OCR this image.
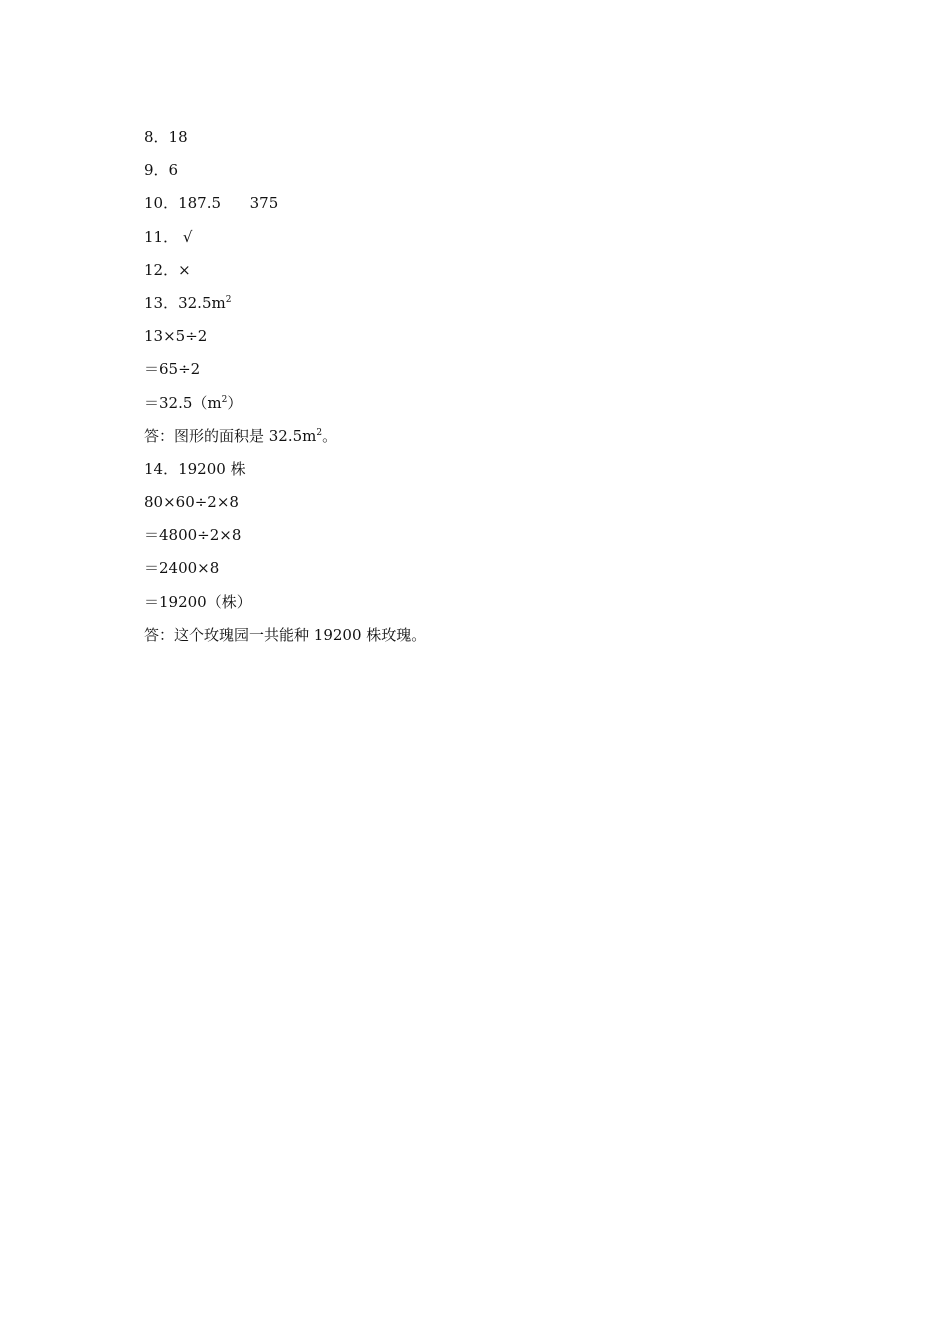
8．18
9．6
10．187.5      375
11． √
12．×
13．$32.5m^2$
13×5÷2
＝65÷2
$=32.5(m^2)$
答：图形的面积是 $32.5m^2$。
14．19200 株
80×60÷2×8
＝4800÷2×8
＝2400×8
＝19200（株）
答：这个玫瑰园一共能种 19200 株玫瑰。
